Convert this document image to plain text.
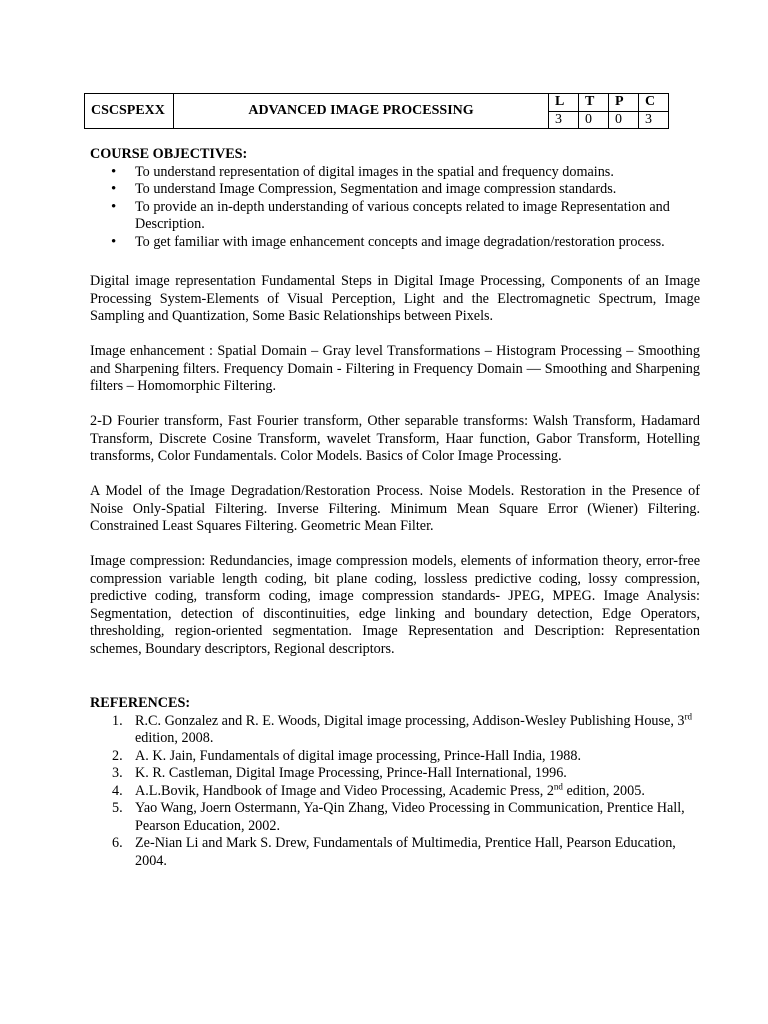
CSCSPEXX	ADVANCED IMAGE PROCESSING	L	T	P	C
		3	0	0	3

COURSE OBJECTIVES:

• To understand representation of digital images in the spatial and frequency domains.
• To understand Image Compression, Segmentation and image compression standards.
• To provide an in-depth understanding of various concepts related to image Representation and Description.
• To get familiar with image enhancement concepts and image degradation/restoration process.

Digital image representation Fundamental Steps in Digital Image Processing, Components of an Image Processing System-Elements of Visual Perception, Light and the Electromagnetic Spectrum, Image Sampling and Quantization, Some Basic Relationships between Pixels.

Image enhancement : Spatial Domain – Gray level Transformations – Histogram Processing – Smoothing and Sharpening filters. Frequency Domain - Filtering in Frequency Domain –– Smoothing and Sharpening filters – Homomorphic Filtering.

2-D Fourier transform, Fast Fourier transform, Other separable transforms: Walsh Transform, Hadamard Transform, Discrete Cosine Transform, wavelet Transform, Haar function, Gabor Transform, Hotelling transforms, Color Fundamentals. Color Models. Basics of Color Image Processing.

A Model of the Image Degradation/Restoration Process. Noise Models. Restoration in the Presence of Noise Only-Spatial Filtering. Inverse Filtering. Minimum Mean Square Error (Wiener) Filtering. Constrained Least Squares Filtering. Geometric Mean Filter.

Image compression: Redundancies, image compression models, elements of information theory, error-free compression variable length coding, bit plane coding, lossless predictive coding, lossy compression, predictive coding, transform coding, image compression standards- JPEG, MPEG. Image Analysis: Segmentation, detection of discontinuities, edge linking and boundary detection, Edge Operators, thresholding, region-oriented segmentation. Image Representation and Description: Representation schemes, Boundary descriptors, Regional descriptors.

REFERENCES:

1. R.C. Gonzalez and R. E. Woods, Digital image processing, Addison-Wesley Publishing House, 3rd edition, 2008.
2. A. K. Jain, Fundamentals of digital image processing, Prince-Hall India, 1988.
3. K. R. Castleman, Digital Image Processing, Prince-Hall International, 1996.
4. A.L.Bovik, Handbook of Image and Video Processing, Academic Press, 2nd edition, 2005.
5. Yao Wang, Joern Ostermann, Ya-Qin Zhang, Video Processing in Communication, Prentice Hall, Pearson Education, 2002.
6. Ze-Nian Li and Mark S. Drew, Fundamentals of Multimedia, Prentice Hall, Pearson Education, 2004.
